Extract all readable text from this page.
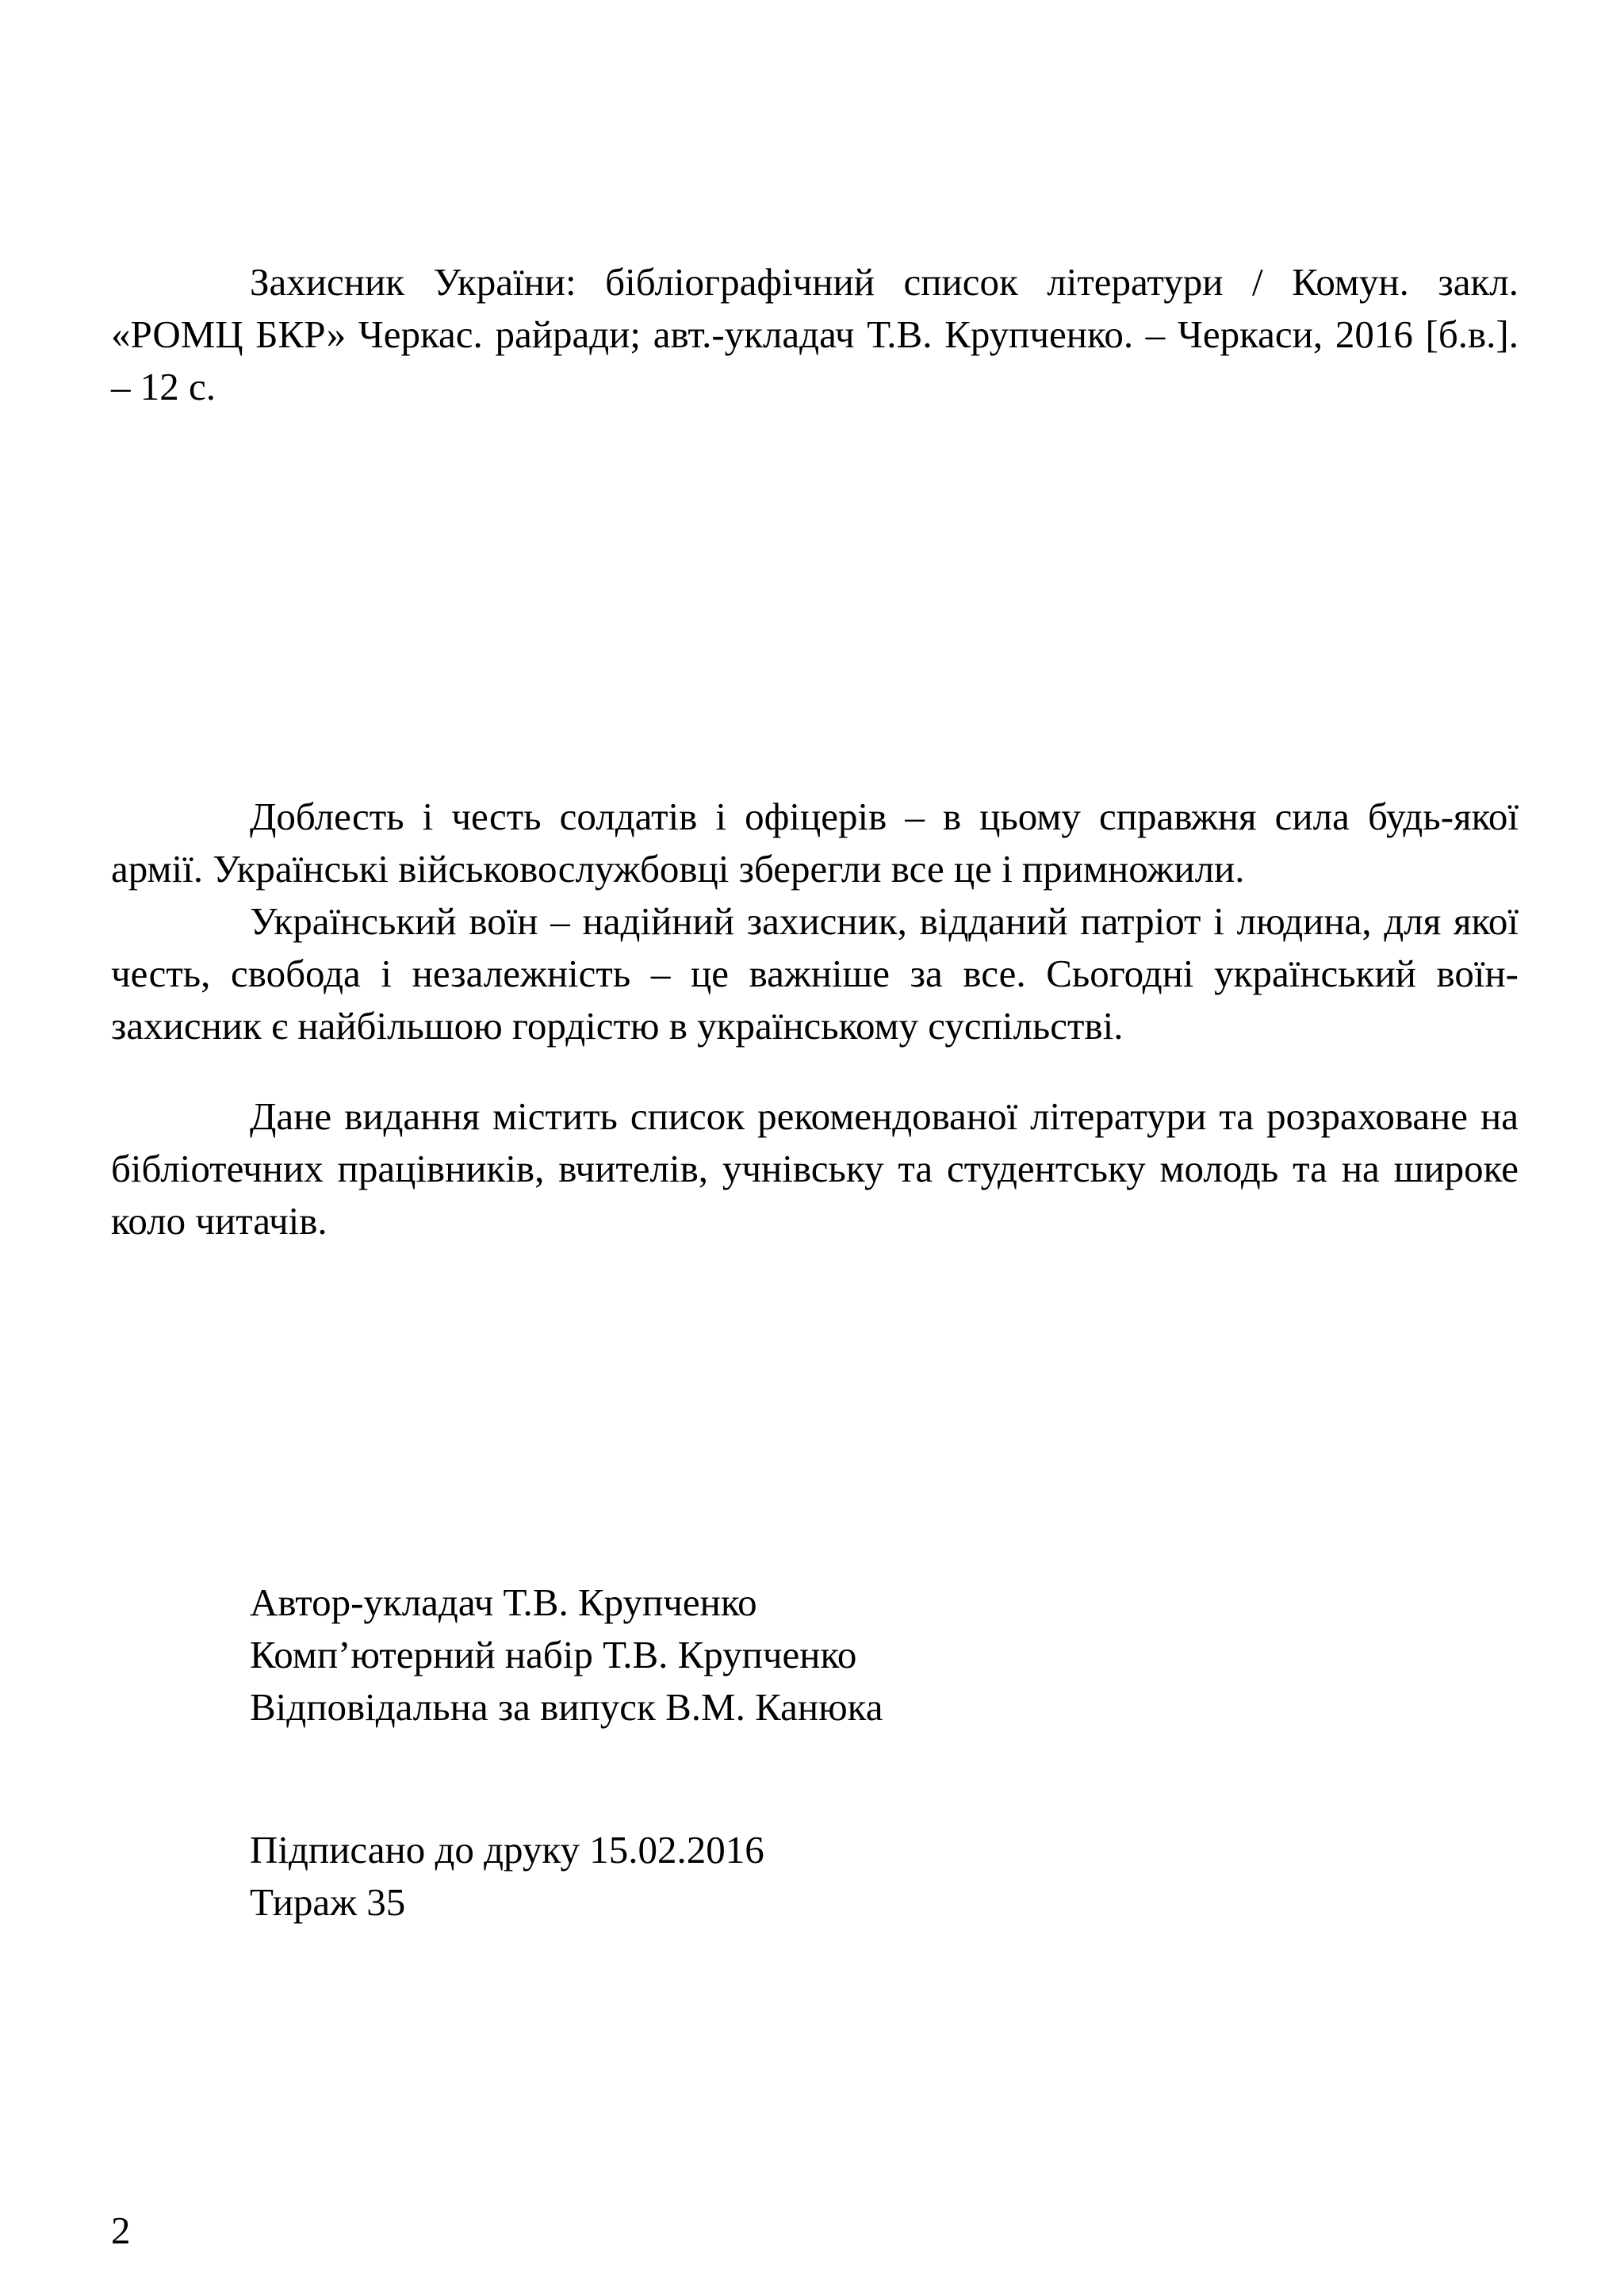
Захисник України: бібліографічний список літератури / Комун. закл. «РОМЦ БКР» Черкас. райради; авт.-укладач Т.В. Крупченко. – Черкаси, 2016 [б.в.]. – 12 с.

Доблесть і честь солдатів і офіцерів – в цьому справжня сила будь-якої армії. Українські військовослужбовці зберегли все це і примножили.

Український воїн – надійний захисник, відданий патріот і людина, для якої честь, свобода і незалежність – це важніше за все. Сьогодні український воїн-захисник є найбільшою гордістю в українському суспільстві.

Дане видання містить список рекомендованої літератури та розраховане на бібліотечних працівників, вчителів, учнівську та студентську молодь та на широке коло читачів.

Автор-укладач Т.В. Крупченко
Комп’ютерний набір Т.В. Крупченко
Відповідальна за випуск В.М. Канюка
Підписано до друку 15.02.2016
Тираж 35
2
